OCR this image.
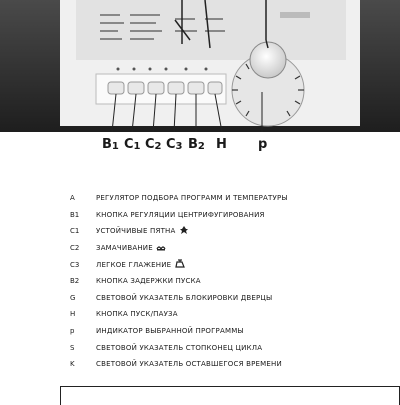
$B_1$ $C_1$ $C_2$ $C_3$ $B_2$ H p
A	РЕГУЛЯТОР ПОДБОРА ПРОГРАММ И ТЕМПЕРАТУРЫ
B1	КНОПКА РЕГУЛЯЦИИ ЦЕНТРИФУГИРОВАНИЯ
C1	УСТОЙЧИВЫЕ ПЯТНА
C2	ЗАМАЧИВАНИЕ
C3	ЛЕГКОЕ ГЛАЖЕНИЕ
B2	КНОПКА ЗАДЕРЖКИ ПУСКА
G	СВЕТОВОЙ УКАЗАТЕЛЬ БЛОКИРОВКИ ДВЕРЦЫ
H	КНОПКА ПУСК/ПАУЗА
p	ИНДИКАТОР ВЫБРАННОЙ ПРОГРАММЫ
S	СВЕТОВОЙ УКАЗАТЕЛЬ СТОПКОНЕЦ ЦИКЛА
K	СВЕТОВОЙ УКАЗАТЕЛЬ ОСТАВШЕГОСЯ ВРЕМЕНИ
